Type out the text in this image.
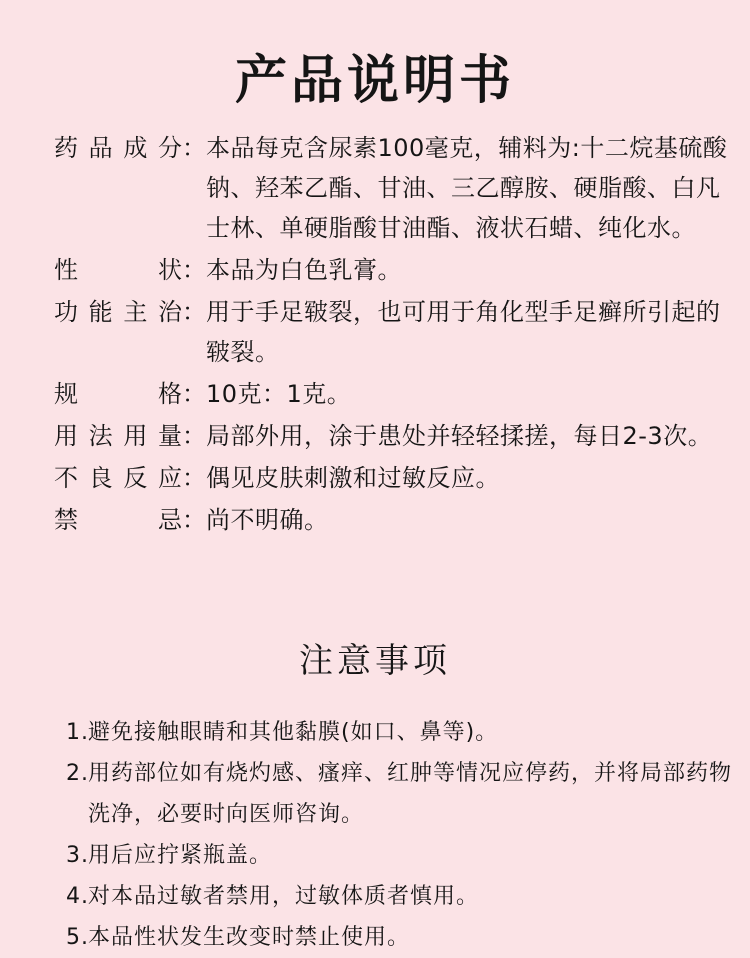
产品说明书
药 品 成 分 ： 本品每克含尿素100毫克，辅料为:十二烷基硫酸钠、羟苯乙酯、甘油、三乙醇胺、硬脂酸、白凡士林、单硬脂酸甘油酯、液状石蜡、纯化水。
性	状 ： 本品为白色乳膏。
功 能 主 治 ： 用于手足皲裂，也可用于角化型手足癣所引起的皲裂。
规	格 ： 10克：1克。
用 法 用 量 ： 局部外用，涂于患处并轻轻揉搓，每日2-3次。
不 良 反 应 ： 偶见皮肤刺激和过敏反应。
禁	忌 ： 尚不明确。
注意事项
1. 避免接触眼睛和其他黏膜(如口、鼻等)。
2. 用药部位如有烧灼感、瘙痒、红肿等情况应停药，并将局部药物洗净，必要时向医师咨询。
3. 用后应拧紧瓶盖。
4. 对本品过敏者禁用，过敏体质者慎用。
5. 本品性状发生改变时禁止使用。
